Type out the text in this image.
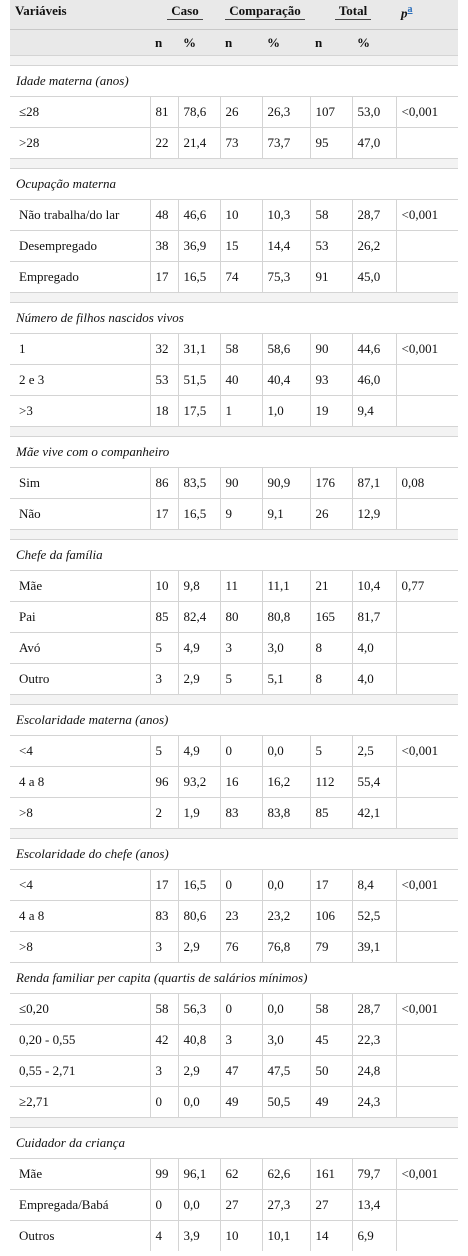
Variáveis	Caso		Comparação		Total		$p^a$
	n	%	n	%	n	%	

Idade materna (anos)							
≤28	81	78,6	26	26,3	107	53,0	<0,001
>28	22	21,4	73	73,7	95	47,0	

Ocupação materna							
Não trabalha/do lar	48	46,6	10	10,3	58	28,7	<0,001
Desempregado	38	36,9	15	14,4	53	26,2	
Empregado	17	16,5	74	75,3	91	45,0	

Número de filhos nascidos vivos							
1	32	31,1	58	58,6	90	44,6	<0,001
2 e 3	53	51,5	40	40,4	93	46,0	
>3	18	17,5	1	1,0	19	9,4	

Mãe vive com o companheiro							
Sim	86	83,5	90	90,9	176	87,1	0,08
Não	17	16,5	9	9,1	26	12,9	

Chefe da família							
Mãe	10	9,8	11	11,1	21	10,4	0,77
Pai	85	82,4	80	80,8	165	81,7	
Avó	5	4,9	3	3,0	8	4,0	
Outro	3	2,9	5	5,1	8	4,0	

Escolaridade materna (anos)							
<4	5	4,9	0	0,0	5	2,5	<0,001
4 a 8	96	93,2	16	16,2	112	55,4	
>8	2	1,9	83	83,8	85	42,1	

Escolaridade do chefe (anos)							
<4	17	16,5	0	0,0	17	8,4	<0,001
4 a 8	83	80,6	23	23,2	106	52,5	
>8	3	2,9	76	76,8	79	39,1	
Renda familiar per capita (quartis de salários mínimos)							
≤0,20	58	56,3	0	0,0	58	28,7	<0,001
0,20 - 0,55	42	40,8	3	3,0	45	22,3	
0,55 - 2,71	3	2,9	47	47,5	50	24,8	
≥2,71	0	0,0	49	50,5	49	24,3	

Cuidador da criança							
Mãe	99	96,1	62	62,6	161	79,7	<0,001
Empregada/Babá	0	0,0	27	27,3	27	13,4	
Outros	4	3,9	10	10,1	14	6,9	
